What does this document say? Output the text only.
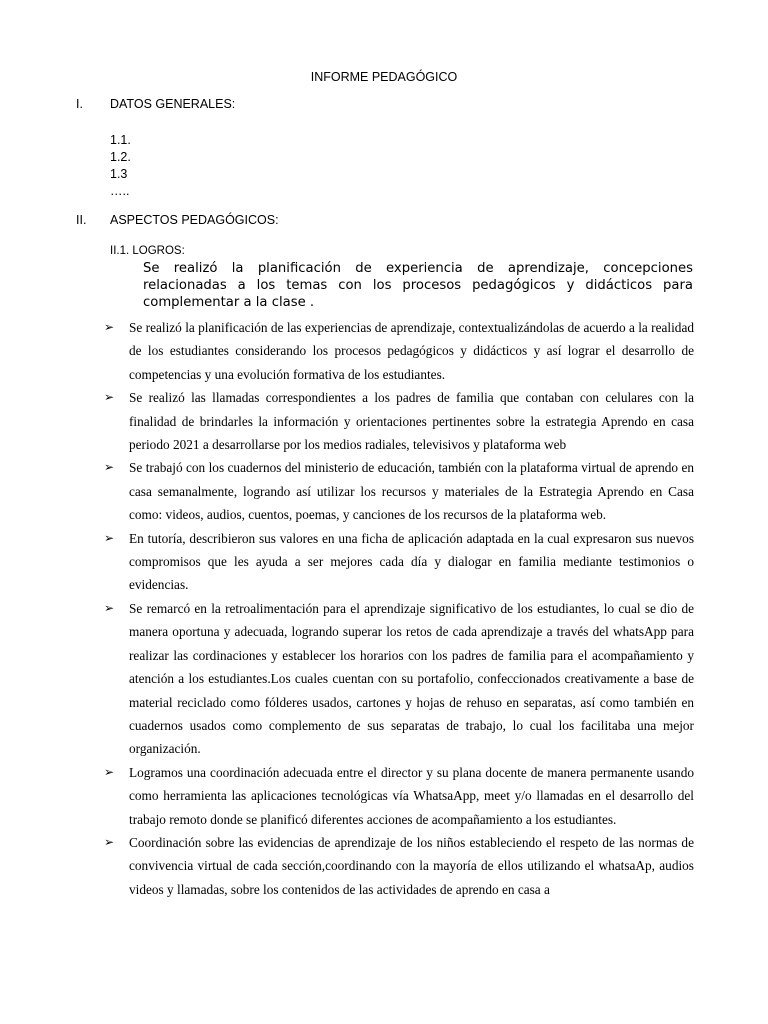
INFORME PEDAGÓGICO
I. DATOS GENERALES:
1.1.
1.2.
1.3
…..
II. ASPECTOS PEDAGÓGICOS:
II.1. LOGROS:
Se realizó la planificación de experiencia de aprendizaje, concepciones relacionadas a los temas con los procesos pedagógicos y didácticos para complementar a la clase .
➢ Se realizó la planificación de las experiencias de aprendizaje, contextualizándolas de acuerdo a la realidad de los estudiantes considerando los procesos pedagógicos y didácticos y así lograr el desarrollo de competencias y una evolución formativa de los estudiantes.
➢ Se realizó las llamadas correspondientes a los padres de familia que contaban con celulares con la finalidad de brindarles la información y orientaciones pertinentes sobre la estrategia Aprendo en casa periodo 2021 a desarrollarse por los medios radiales, televisivos y plataforma web
➢ Se trabajó con los cuadernos del ministerio de educación, también con la plataforma virtual de aprendo en casa semanalmente, logrando así utilizar los recursos y materiales de la Estrategia Aprendo en Casa como: videos, audios, cuentos, poemas, y canciones de los recursos de la plataforma web.
➢ En tutoría, describieron sus valores en una ficha de aplicación adaptada en la cual expresaron sus nuevos compromisos que les ayuda a ser mejores cada día y dialogar en familia mediante testimonios o evidencias.
➢ Se remarcó en la retroalimentación para el aprendizaje significativo de los estudiantes, lo cual se dio de manera oportuna y adecuada, logrando superar los retos de cada aprendizaje a través del whatsApp para realizar las cordinaciones y establecer los horarios con los padres de familia para el acompañamiento y atención a los estudiantes.Los cuales cuentan con su portafolio, confeccionados creativamente a base de material reciclado como fólderes usados, cartones y hojas de rehuso en separatas, así como también en cuadernos usados como complemento de sus separatas de trabajo, lo cual los facilitaba una mejor organización.
➢ Logramos una coordinación adecuada entre el director y su plana docente de manera permanente usando como herramienta las aplicaciones tecnológicas vía WhatsaApp, meet y/o llamadas en el desarrollo del trabajo remoto donde se planificó diferentes acciones de acompañamiento a los estudiantes.
➢ Coordinación sobre las evidencias de aprendizaje de los niños estableciendo el respeto de las normas de convivencia virtual de cada sección,coordinando con la mayoría de ellos utilizando el whatsaAp, audios videos y llamadas, sobre los contenidos de las actividades de aprendo en casa a
